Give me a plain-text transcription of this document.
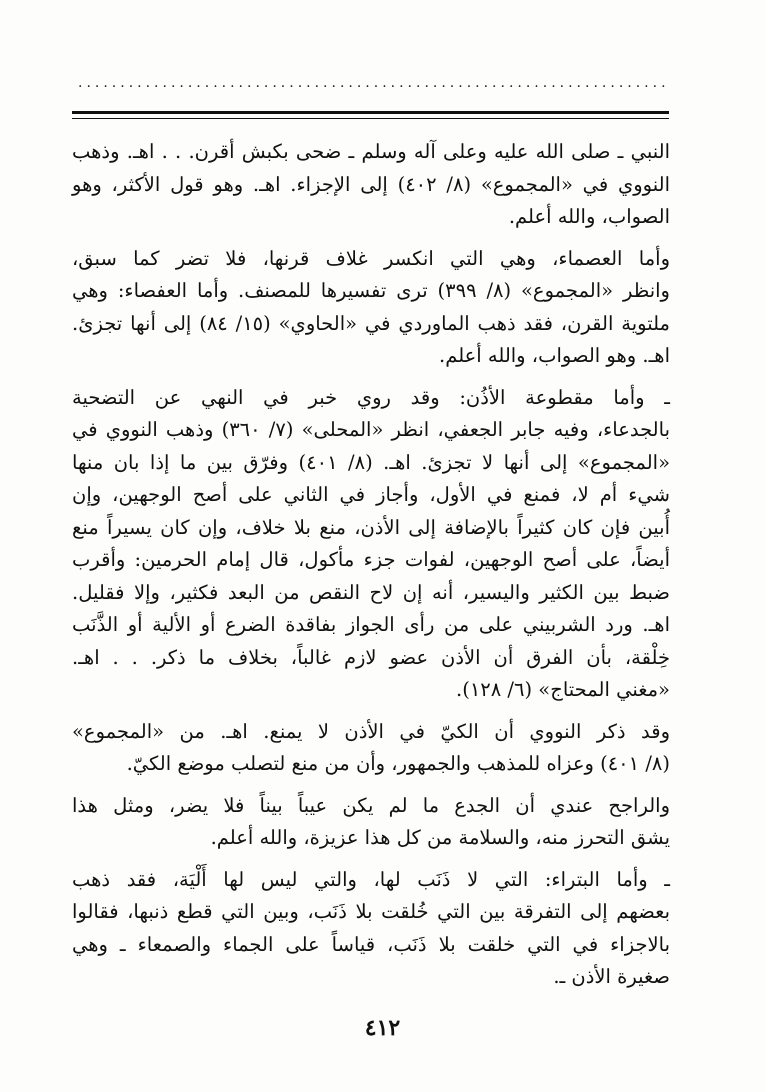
......................................................................

النبي ـ صلى الله عليه وعلى آله وسلم ـ ضحى بكبش أقرن. . . اهـ. وذهب
النووي في «المجموع» (٨/ ٤٠٢) إلى الإجزاء. اهـ. وهو قول الأكثر، وهو
الصواب، والله أعلم.

وأما العصماء، وهي التي انكسر غلاف قرنها، فلا تضر كما سبق،
وانظر «المجموع» (٨/ ٣٩٩) ترى تفسيرها للمصنف. وأما العفصاء: وهي
ملتوية القرن، فقد ذهب الماوردي في «الحاوي» (١٥/ ٨٤) إلى أنها تجزئ.
اهـ. وهو الصواب، والله أعلم.

ـ وأما مقطوعة الأذُن: وقد روي خبر في النهي عن التضحية
بالجدعاء، وفيه جابر الجعفي، انظر «المحلى» (٧/ ٣٦٠) وذهب النووي في
«المجموع» إلى أنها لا تجزئ. اهـ. (٨/ ٤٠١) وفرّق بين ما إذا بان منها
شيء أم لا، فمنع في الأول، وأجاز في الثاني على أصح الوجهين، وإن
أُبين فإن كان كثيراً بالإضافة إلى الأذن، منع بلا خلاف، وإن كان يسيراً منع
أيضاً، على أصح الوجهين، لفوات جزء مأكول، قال إمام الحرمين: وأقرب
ضبط بين الكثير واليسير، أنه إن لاح النقص من البعد فكثير، وإلا فقليل.
اهـ. ورد الشربيني على من رأى الجواز بفاقدة الضرع أو الألية أو الذَّنَب
خِلْقة، بأن الفرق أن الأذن عضو لازم غالباً، بخلاف ما ذكر. . . اهـ.
«مغني المحتاج» (٦/ ١٢٨).

وقد ذكر النووي أن الكيّ في الأذن لا يمنع. اهـ. من «المجموع»
(٨/ ٤٠١) وعزاه للمذهب والجمهور، وأن من منع لتصلب موضع الكيّ.

والراجح عندي أن الجدع ما لم يكن عيباً بيناً فلا يضر، ومثل هذا
يشق التحرز منه، والسلامة من كل هذا عزيزة، والله أعلم.

ـ وأما البتراء: التي لا ذَنَب لها، والتي ليس لها أَلْيَة، فقد ذهب
بعضهم إلى التفرقة بين التي خُلقت بلا ذَنَب، وبين التي قطع ذنبها، فقالوا
بالاجزاء في التي خلقت بلا ذَنَب، قياساً على الجماء والصمعاء ـ وهي
صغيرة الأذن ـ.

٤١٢
